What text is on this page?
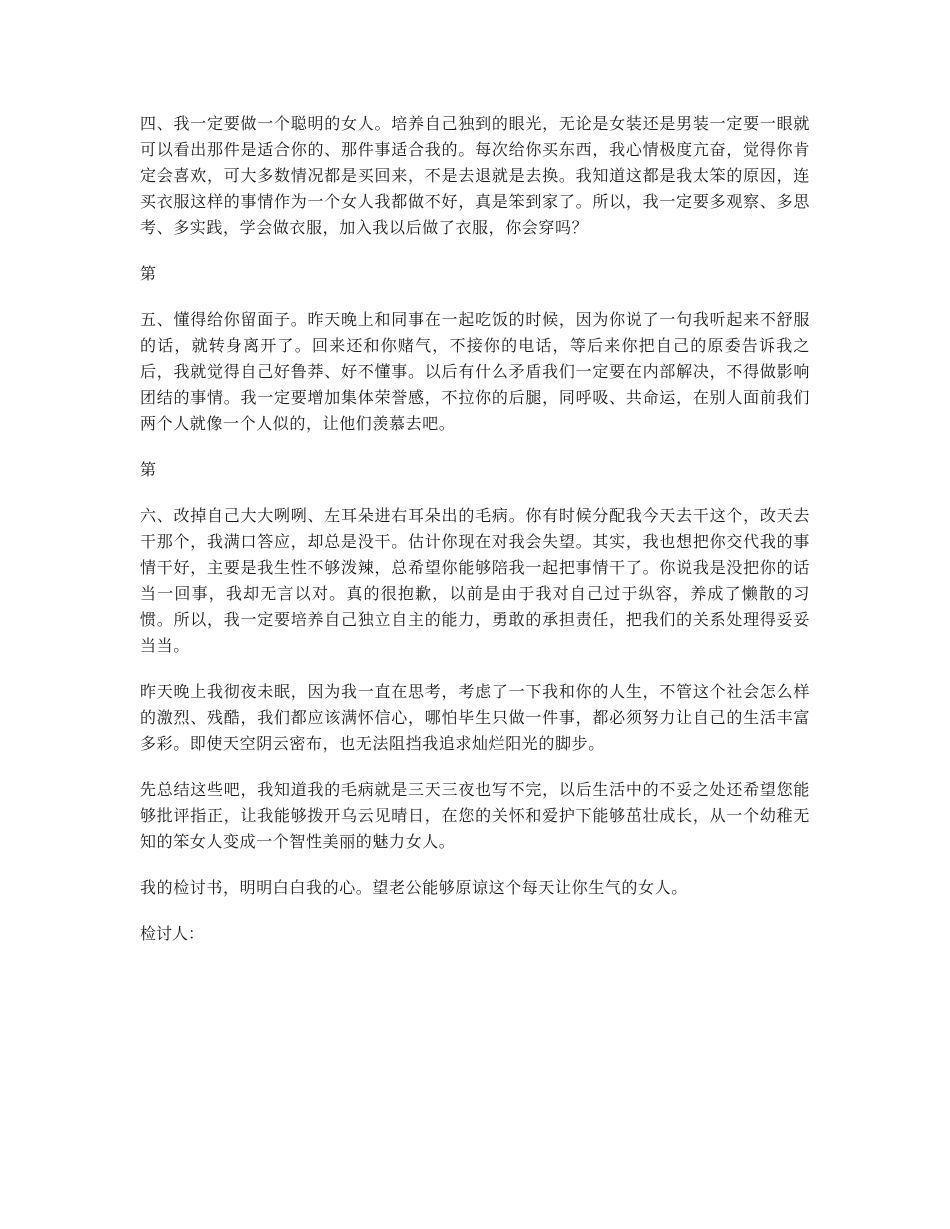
四、我一定要做一个聪明的女人。培养自己独到的眼光，无论是女装还是男装一定要一眼就可以看出那件是适合你的、那件事适合我的。每次给你买东西，我心情极度亢奋，觉得你肯定会喜欢，可大多数情况都是买回来，不是去退就是去换。我知道这都是我太笨的原因，连买衣服这样的事情作为一个女人我都做不好，真是笨到家了。所以，我一定要多观察、多思考、多实践，学会做衣服，加入我以后做了衣服，你会穿吗？

第

五、懂得给你留面子。昨天晚上和同事在一起吃饭的时候，因为你说了一句我听起来不舒服的话，就转身离开了。回来还和你赌气，不接你的电话，等后来你把自己的原委告诉我之后，我就觉得自己好鲁莽、好不懂事。以后有什么矛盾我们一定要在内部解决，不得做影响团结的事情。我一定要增加集体荣誉感，不拉你的后腿，同呼吸、共命运，在别人面前我们两个人就像一个人似的，让他们羡慕去吧。

第

六、改掉自己大大咧咧、左耳朵进右耳朵出的毛病。你有时候分配我今天去干这个，改天去干那个，我满口答应，却总是没干。估计你现在对我会失望。其实，我也想把你交代我的事情干好，主要是我生性不够泼辣，总希望你能够陪我一起把事情干了。你说我是没把你的话当一回事，我却无言以对。真的很抱歉，以前是由于我对自己过于纵容，养成了懒散的习惯。所以，我一定要培养自己独立自主的能力，勇敢的承担责任，把我们的关系处理得妥妥当当。

昨天晚上我彻夜未眠，因为我一直在思考，考虑了一下我和你的人生，不管这个社会怎么样的激烈、残酷，我们都应该满怀信心，哪怕毕生只做一件事，都必须努力让自己的生活丰富多彩。即使天空阴云密布，也无法阻挡我追求灿烂阳光的脚步。

先总结这些吧，我知道我的毛病就是三天三夜也写不完，以后生活中的不妥之处还希望您能够批评指正，让我能够拨开乌云见晴日，在您的关怀和爱护下能够茁壮成长，从一个幼稚无知的笨女人变成一个智性美丽的魅力女人。

我的检讨书，明明白白我的心。望老公能够原谅这个每天让你生气的女人。

检讨人：
